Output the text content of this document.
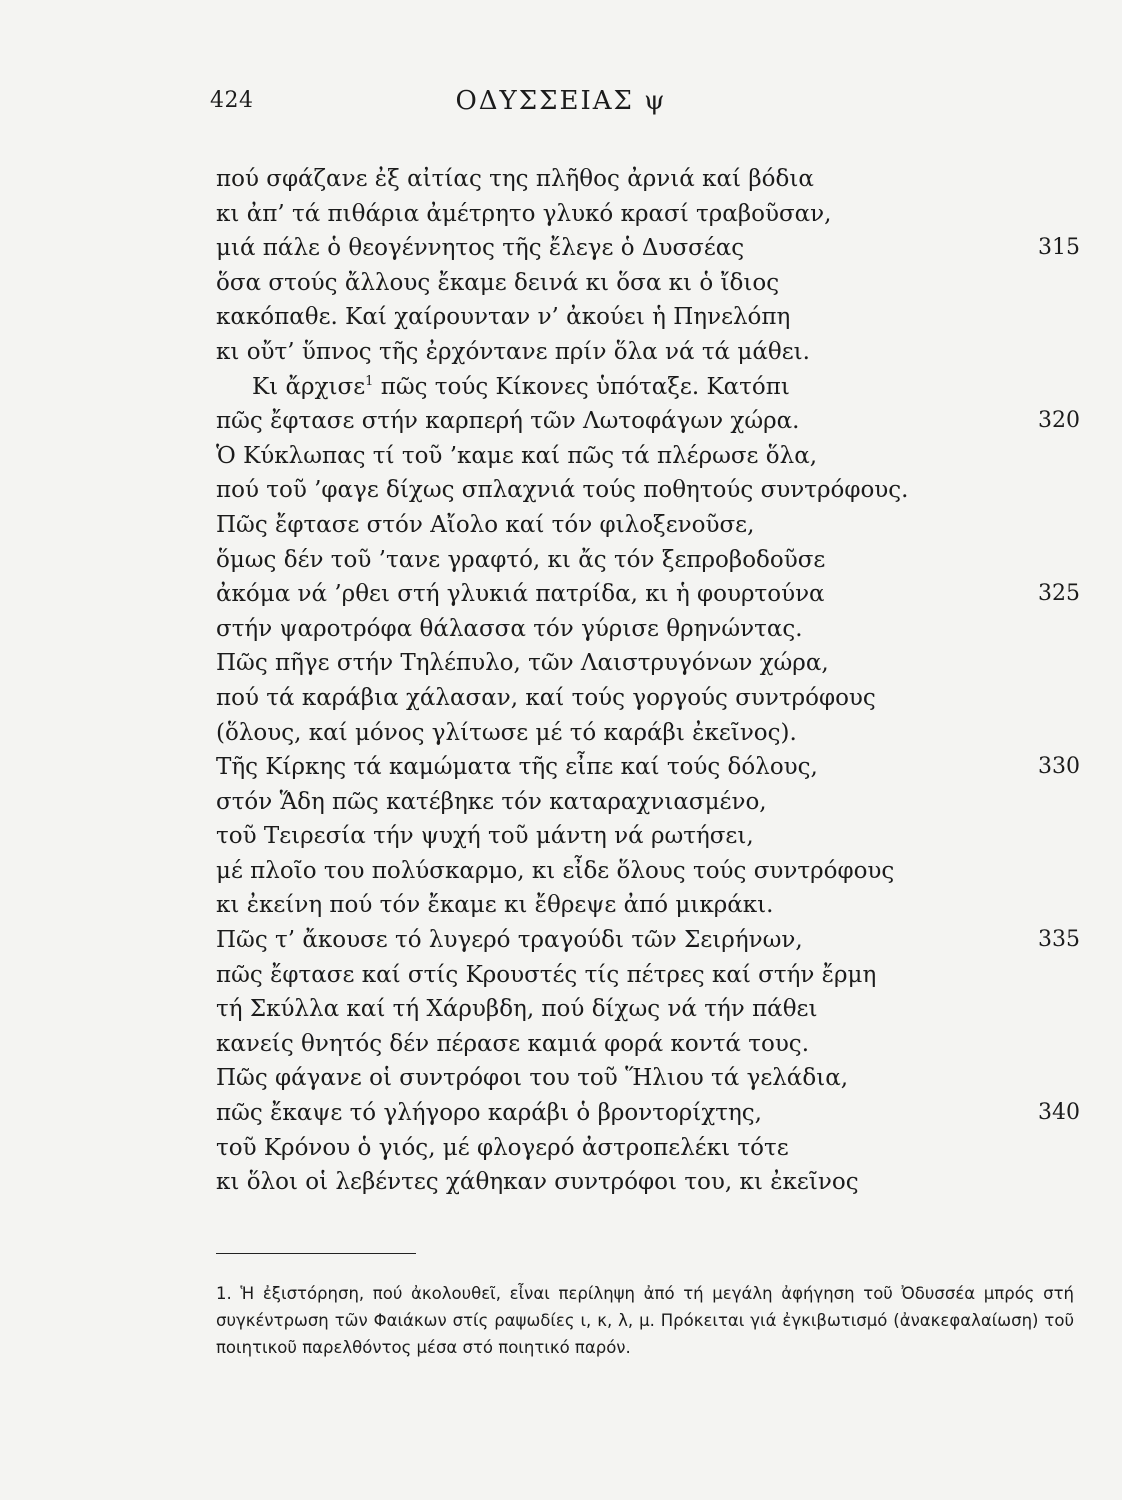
424	ΟΔΥΣΣΕΙΑΣ ψ
πού σφάζανε ἐξ αἰτίας της πλῆθος ἀρνιά καί βόδια
κι ἀπ’ τά πιθάρια ἀμέτρητο γλυκό κρασί τραβοῦσαν,
μιά πάλε ὁ θεογέννητος τῆς ἔλεγε ὁ Δυσσέας	315
ὅσα στούς ἄλλους ἔκαμε δεινά κι ὅσα κι ὁ ἴδιος
κακόπαθε. Καί χαίρουνταν ν’ ἀκούει ἡ Πηνελόπη
κι οὔτ’ ὕπνος τῆς ἐρχόντανε πρίν ὅλα νά τά μάθει.
Κι ἄρχισε$^1$ πῶς τούς Κίκονες ὑπόταξε. Κατόπι
πῶς ἔφτασε στήν καρπερή τῶν Λωτοφάγων χώρα.	320
Ὁ Κύκλωπας τί τοῦ ’καμε καί πῶς τά πλέρωσε ὅλα,
πού τοῦ ’φαγε δίχως σπλαχνιά τούς ποθητούς συντρόφους.
Πῶς ἔφτασε στόν Αἴολο καί τόν φιλοξενοῦσε,
ὅμως δέν τοῦ ’τανε γραφτό, κι ἄς τόν ξεπροβοδοῦσε
ἀκόμα νά ’ρθει στή γλυκιά πατρίδα, κι ἡ φουρτούνα	325
στήν ψαροτρόφα θάλασσα τόν γύρισε θρηνώντας.
Πῶς πῆγε στήν Τηλέπυλο, τῶν Λαιστρυγόνων χώρα,
πού τά καράβια χάλασαν, καί τούς γοργούς συντρόφους
(ὅλους, καί μόνος γλίτωσε μέ τό καράβι ἐκεῖνος).
Τῆς Κίρκης τά καμώματα τῆς εἶπε καί τούς δόλους,	330
στόν Ἅδη πῶς κατέβηκε τόν καταραχνιασμένο,
τοῦ Τειρεσία τήν ψυχή τοῦ μάντη νά ρωτήσει,
μέ πλοῖο του πολύσκαρμο, κι εἶδε ὅλους τούς συντρόφους
κι ἐκείνη πού τόν ἔκαμε κι ἔθρεψε ἀπό μικράκι.
Πῶς τ’ ἄκουσε τό λυγερό τραγούδι τῶν Σειρήνων,	335
πῶς ἔφτασε καί στίς Κρουστές τίς πέτρες καί στήν ἔρμη
τή Σκύλλα καί τή Χάρυβδη, πού δίχως νά τήν πάθει
κανείς θνητός δέν πέρασε καμιά φορά κοντά τους.
Πῶς φάγανε οἱ συντρόφοι του τοῦ Ἥλιου τά γελάδια,
πῶς ἔκαψε τό γλήγορο καράβι ὁ βροντορίχτης,	340
τοῦ Κρόνου ὁ γιός, μέ φλογερό ἀστροπελέκι τότε
κι ὅλοι οἱ λεβέντες χάθηκαν συντρόφοι του, κι ἐκεῖνος
1. Ἡ ἐξιστόρηση, πού ἀκολουθεῖ, εἶναι περίληψη ἀπό τή μεγάλη ἀφήγηση τοῦ Ὀδυσσέα μπρός στή συγκέντρωση τῶν Φαιάκων στίς ραψωδίες ι, κ, λ, μ. Πρόκειται γιά ἐγκιβωτισμό (ἀνακεφαλαίωση) τοῦ ποιητικοῦ παρελθόντος μέσα στό ποιητικό παρόν.
